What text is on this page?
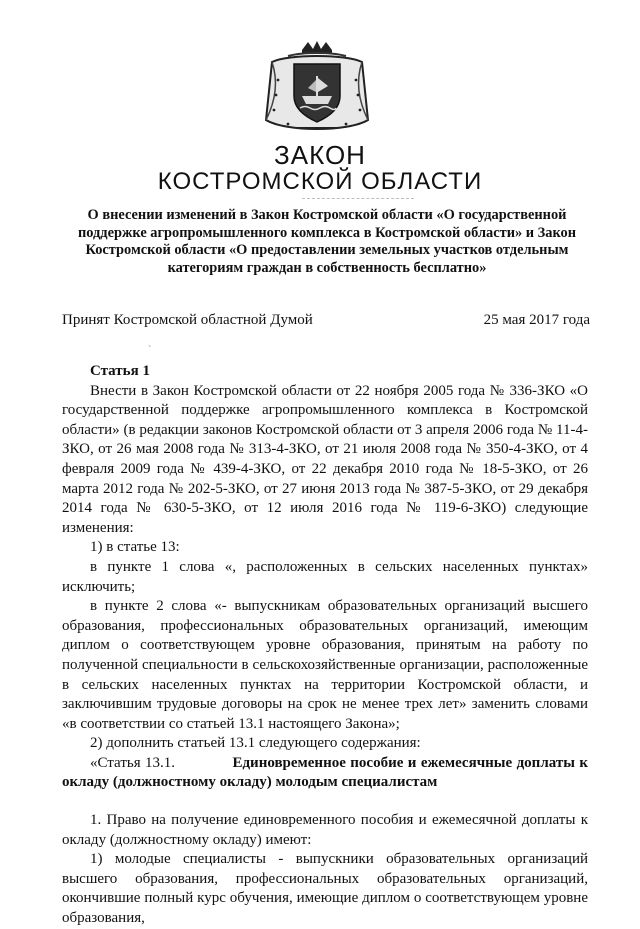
ЗАКОН
КОСТРОМСКОЙ ОБЛАСТИ

О внесении изменений в Закон Костромской области «О государственной поддержке агропромышленного комплекса в Костромской области» и Закон Костромской области «О предоставлении земельных участков отдельным категориям граждан в собственность бесплатно»

Принят Костромской областной Думой	25 мая 2017 года
ˋ

Статья 1

Внести в Закон Костромской области от 22 ноября 2005 года № 336-ЗКО «О государственной поддержке агропромышленного комплекса в Костромской области» (в редакции законов Костромской области от 3 апреля 2006 года № 11-4-ЗКО, от 26 мая 2008 года № 313-4-ЗКО, от 21 июля 2008 года № 350-4-ЗКО, от 4 февраля 2009 года № 439-4-ЗКО, от 22 декабря 2010 года № 18-5-ЗКО, от 26 марта 2012 года № 202-5-ЗКО, от 27 июня 2013 года № 387-5-ЗКО, от 29 декабря 2014 года № 630-5-ЗКО, от 12 июля 2016 года № 119-6-ЗКО) следующие изменения:

1) в статье 13:

в пункте 1 слова «, расположенных в сельских населенных пунктах» исключить;

в пункте 2 слова «- выпускникам образовательных организаций высшего образования, профессиональных образовательных организаций, имеющим диплом о соответствующем уровне образования, принятым на работу по полученной специальности в сельскохозяйственные организации, расположенные в сельских населенных пунктах на территории Костромской области, и заключившим трудовые договоры на срок не менее трех лет» заменить словами «в соответствии со статьей 13.1 настоящего Закона»;

2) дополнить статьей 13.1 следующего содержания:

«Статья 13.1.	Единовременное пособие и ежемесячные доплаты к окладу (должностному окладу) молодым специалистам

1. Право на получение единовременного пособия и ежемесячной доплаты к окладу (должностному окладу) имеют:

1) молодые специалисты - выпускники образовательных организаций высшего образования, профессиональных образовательных организаций, окончившие полный курс обучения, имеющие диплом о соответствующем уровне образования,
